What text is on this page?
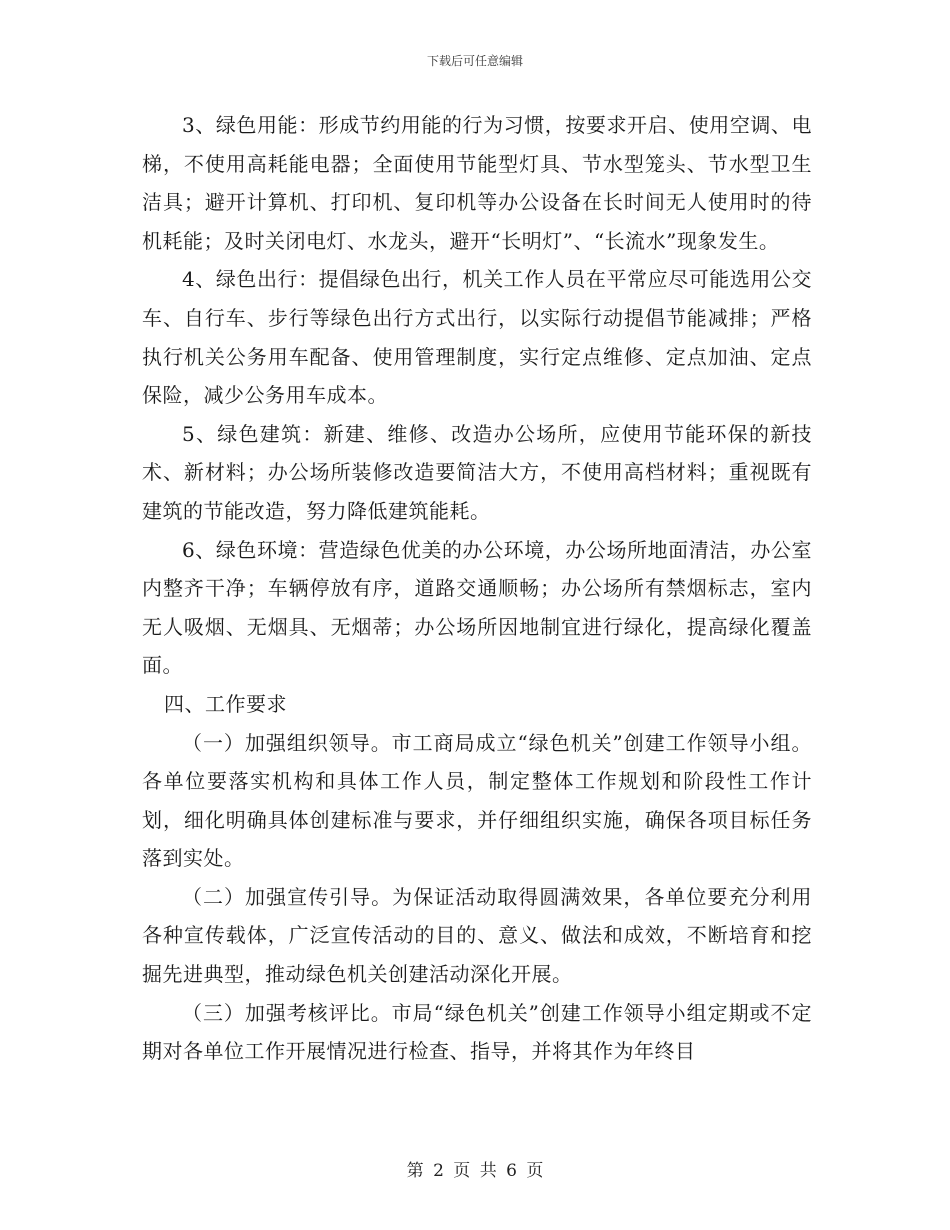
下载后可任意编辑

3、绿色用能：形成节约用能的行为习惯，按要求开启、使用空调、电梯，不使用高耗能电器；全面使用节能型灯具、节水型笼头、节水型卫生洁具；避开计算机、打印机、复印机等办公设备在长时间无人使用时的待机耗能；及时关闭电灯、水龙头，避开“长明灯”、“长流水”现象发生。

4、绿色出行：提倡绿色出行，机关工作人员在平常应尽可能选用公交车、自行车、步行等绿色出行方式出行，以实际行动提倡节能减排；严格执行机关公务用车配备、使用管理制度，实行定点维修、定点加油、定点保险，减少公务用车成本。

5、绿色建筑：新建、维修、改造办公场所，应使用节能环保的新技术、新材料；办公场所装修改造要简洁大方，不使用高档材料；重视既有建筑的节能改造，努力降低建筑能耗。

6、绿色环境：营造绿色优美的办公环境，办公场所地面清洁，办公室内整齐干净；车辆停放有序，道路交通顺畅；办公场所有禁烟标志，室内无人吸烟、无烟具、无烟蒂；办公场所因地制宜进行绿化，提高绿化覆盖面。

四、工作要求

（一）加强组织领导。市工商局成立“绿色机关”创建工作领导小组。各单位要落实机构和具体工作人员，制定整体工作规划和阶段性工作计划，细化明确具体创建标准与要求，并仔细组织实施，确保各项目标任务落到实处。

（二）加强宣传引导。为保证活动取得圆满效果，各单位要充分利用各种宣传载体，广泛宣传活动的目的、意义、做法和成效，不断培育和挖掘先进典型，推动绿色机关创建活动深化开展。

（三）加强考核评比。市局“绿色机关”创建工作领导小组定期或不定期对各单位工作开展情况进行检查、指导，并将其作为年终目

第 2 页 共 6 页
